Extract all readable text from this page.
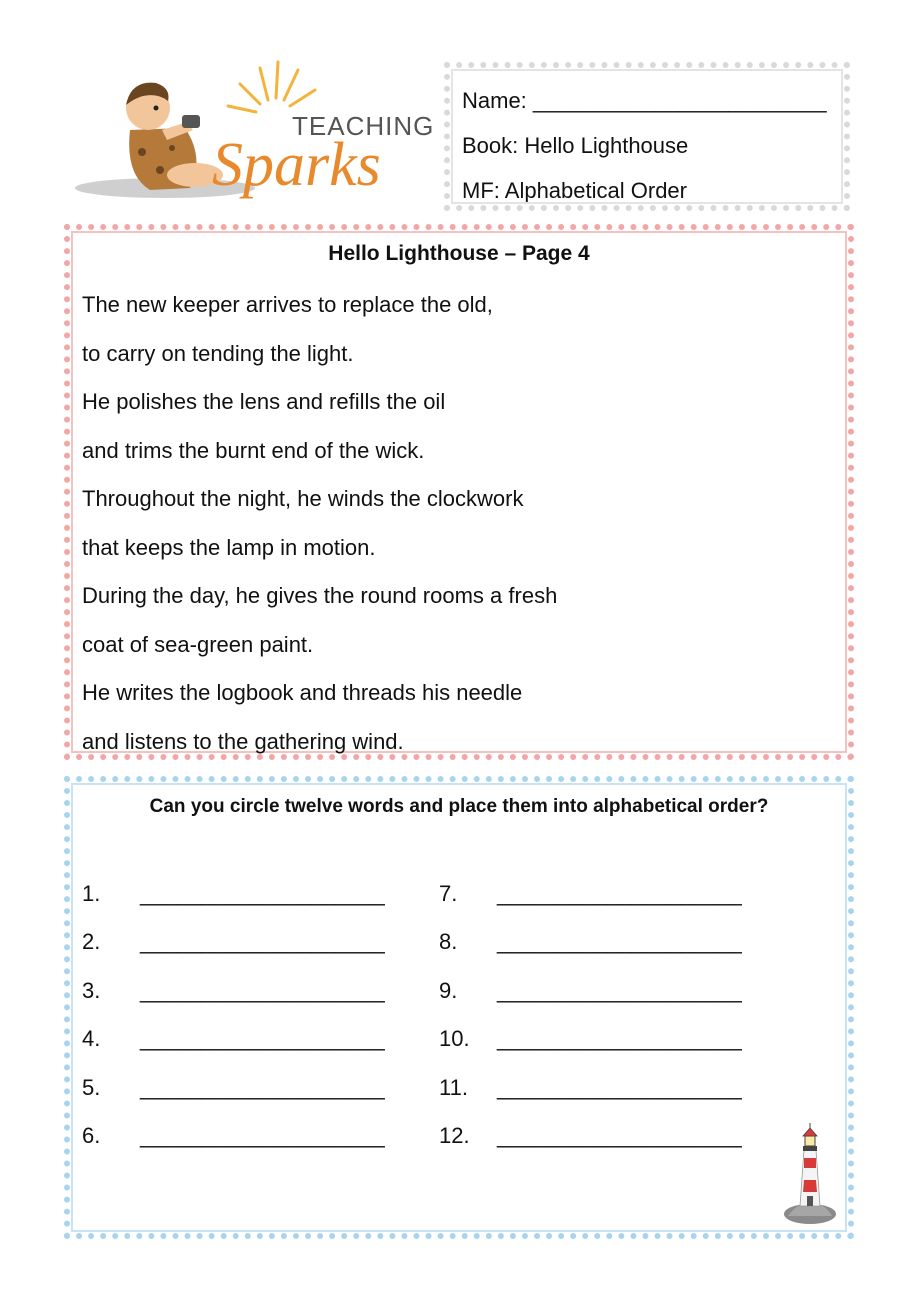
TEACHING
Sparks
Name: ________________________
Book: Hello Lighthouse
MF: Alphabetical Order
Hello Lighthouse – Page 4
The new keeper arrives to replace the old,
to carry on tending the light.
He polishes the lens and refills the oil
and trims the burnt end of the wick.
Throughout the night, he winds the clockwork
that keeps the lamp in motion.
During the day, he gives the round rooms a fresh
coat of sea-green paint.
He writes the logbook and threads his needle
and listens to the gathering wind.
Can you circle twelve words and place them into alphabetical order?
1. ____________________
2. ____________________
3. ____________________
4. ____________________
5. ____________________
6. ____________________
7. ____________________
8. ____________________
9. ____________________
10. ____________________
11. ____________________
12. ____________________
